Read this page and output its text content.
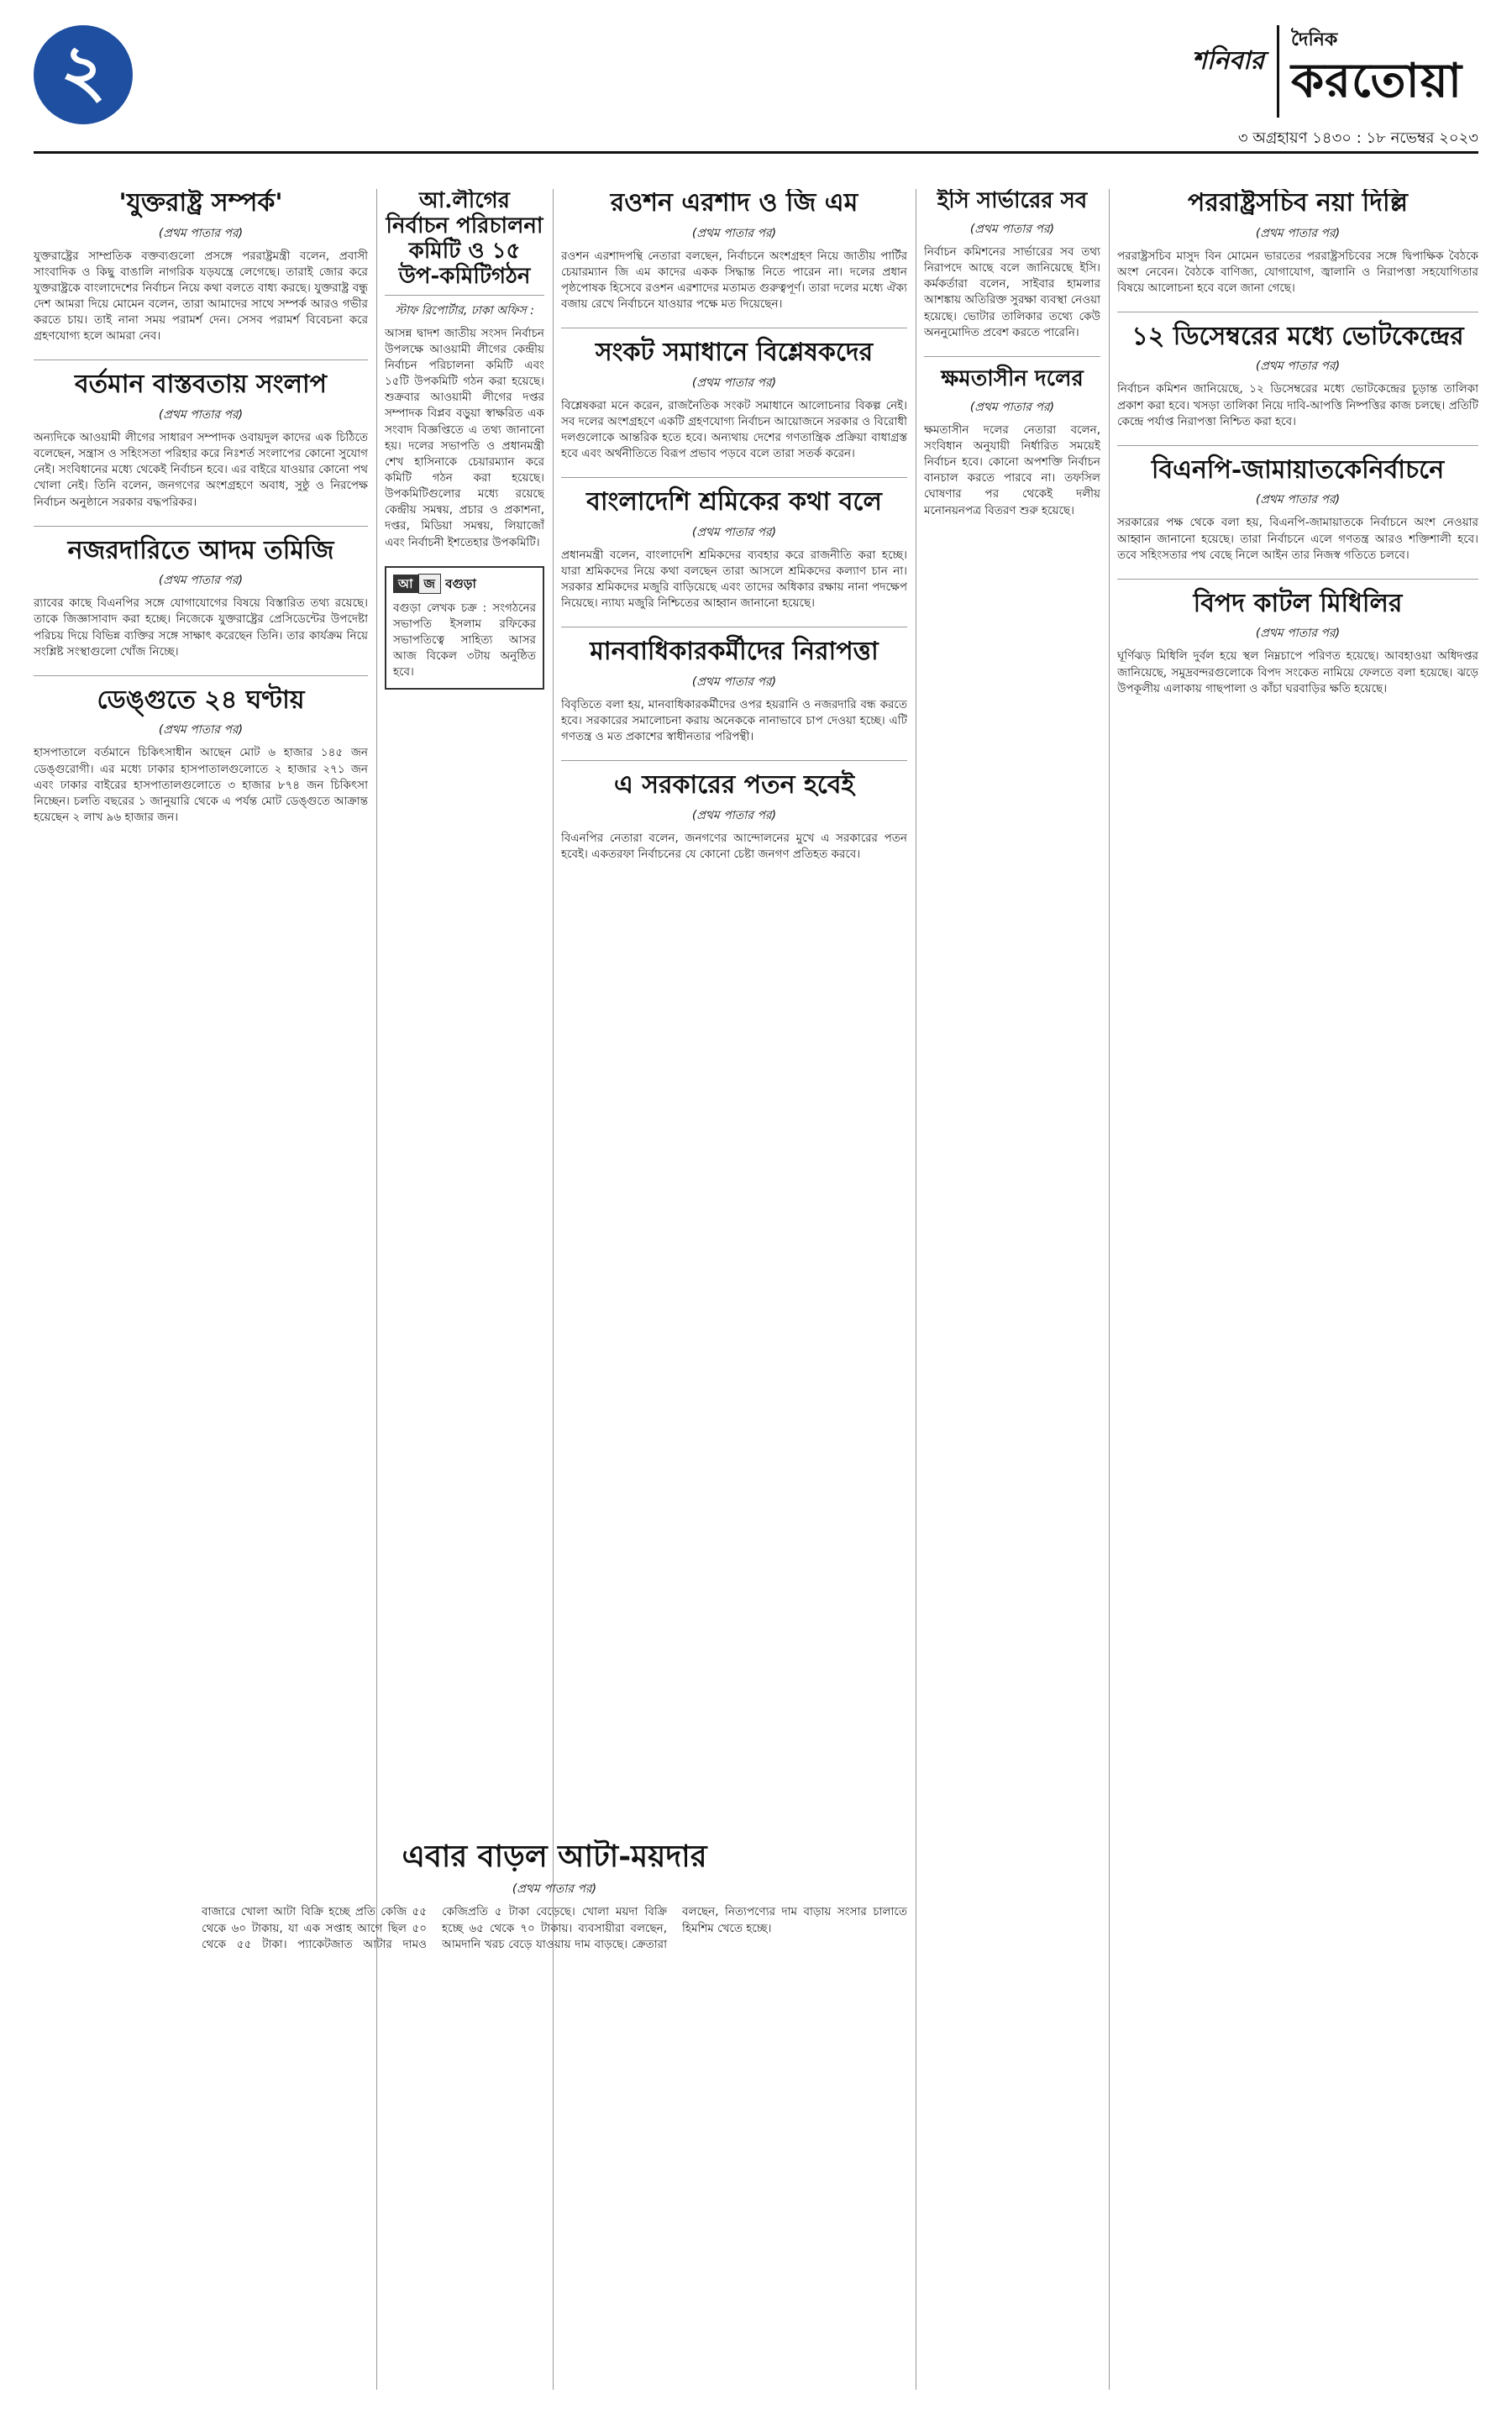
২	শনিবার
দৈনিক
করতোয়া
৩ অগ্রহায়ণ ১৪৩০ : ১৮ নভেম্বর ২০২৩
'যুক্তরাষ্ট্র সম্পর্ক'
(প্রথম পাতার পর)
যুক্তরাষ্ট্রের সাম্প্রতিক বক্তব্যগুলো প্রসঙ্গে পররাষ্ট্রমন্ত্রী বলেন, প্রবাসী সাংবাদিক ও কিছু বাঙালি নাগরিক যড়যন্ত্রে লেগেছে। তারাই জোর করে যুক্তরাষ্ট্রকে বাংলাদেশের নির্বাচন নিয়ে কথা বলতে বাধ্য করছে। যুক্তরাষ্ট্র বন্ধু দেশ আমরা দিয়ে মোমেন বলেন, তারা আমাদের সাথে সম্পর্ক আরও গভীর করতে চায়। তাই নানা সময় পরামর্শ দেন। সেসব পরামর্শ বিবেচনা করে গ্রহণযোগ্য হলে আমরা নেব।
বর্তমান বাস্তবতায় সংলাপ
(প্রথম পাতার পর)
অন্যদিকে আওয়ামী লীগের সাধারণ সম্পাদক ওবায়দুল কাদের এক চিঠিতে বলেছেন, সন্ত্রাস ও সহিংসতা পরিহার করে নিঃশর্ত সংলাপের কোনো সুযোগ নেই। সংবিধানের মধ্যে থেকেই নির্বাচন হবে। এর বাইরে যাওয়ার কোনো পথ খোলা নেই। তিনি বলেন, জনগণের অংশগ্রহণে অবাধ, সুষ্ঠু ও নিরপেক্ষ নির্বাচন অনুষ্ঠানে সরকার বদ্ধপরিকর।
নজরদারিতে আদম তমিজি
(প্রথম পাতার পর)
র‌্যাবের কাছে বিএনপির সঙ্গে যোগাযোগের বিষয়ে বিস্তারিত তথ্য রয়েছে। তাকে জিজ্ঞাসাবাদ করা হচ্ছে। নিজেকে যুক্তরাষ্ট্রের প্রেসিডেন্টের উপদেষ্টা পরিচয় দিয়ে বিভিন্ন ব্যক্তির সঙ্গে সাক্ষাৎ করেছেন তিনি। তার কার্যক্রম নিয়ে সংশ্লিষ্ট সংস্থাগুলো খোঁজ নিচ্ছে।
ডেঙ্গুতে ২৪ ঘণ্টায়
(প্রথম পাতার পর)
হাসপাতালে বর্তমানে চিকিৎসাধীন আছেন মোট ৬ হাজার ১৪৫ জন ডেঙ্গুরোগী। এর মধ্যে ঢাকার হাসপাতালগুলোতে ২ হাজার ২৭১ জন এবং ঢাকার বাইরের হাসপাতালগুলোতে ৩ হাজার ৮৭৪ জন চিকিৎসা নিচ্ছেন। চলতি বছরের ১ জানুয়ারি থেকে এ পর্যন্ত মোট ডেঙ্গুতে আক্রান্ত হয়েছেন ২ লাখ ৯৬ হাজার জন।
আ.লীগের নির্বাচন পরিচালনা কমিটি ও ১৫ উপ-কমিটিগঠন
স্টাফ রিপোর্টার, ঢাকা অফিস :
আসন্ন দ্বাদশ জাতীয় সংসদ নির্বাচন উপলক্ষে আওয়ামী লীগের কেন্দ্রীয় নির্বাচন পরিচালনা কমিটি এবং ১৫টি উপকমিটি গঠন করা হয়েছে। শুক্রবার আওয়ামী লীগের দপ্তর সম্পাদক বিপ্লব বড়ুয়া স্বাক্ষরিত এক সংবাদ বিজ্ঞপ্তিতে এ তথ্য জানানো হয়। দলের সভাপতি ও প্রধানমন্ত্রী শেখ হাসিনাকে চেয়ারম্যান করে কমিটি গঠন করা হয়েছে। উপকমিটিগুলোর মধ্যে রয়েছে কেন্দ্রীয় সমন্বয়, প্রচার ও প্রকাশনা, দপ্তর, মিডিয়া সমন্বয়, লিয়াজোঁ এবং নির্বাচনী ইশতেহার উপকমিটি।
আ জ বগুড়া
বগুড়া লেখক চক্র : সংগঠনের সভাপতি ইসলাম রফিকের সভাপতিত্বে সাহিত্য আসর আজ বিকেল ৩টায় অনুষ্ঠিত হবে।
এবার বাড়ল আটা-ময়দার
(প্রথম পাতার পর)
বাজারে খোলা আটা বিক্রি হচ্ছে প্রতি কেজি ৫৫ থেকে ৬০ টাকায়, যা এক সপ্তাহ আগে ছিল ৫০ থেকে ৫৫ টাকা। প্যাকেটজাত আটার দামও কেজিপ্রতি ৫ টাকা বেড়েছে। খোলা ময়দা বিক্রি হচ্ছে ৬৫ থেকে ৭০ টাকায়। ব্যবসায়ীরা বলছেন, আমদানি খরচ বেড়ে যাওয়ায় দাম বাড়ছে। ক্রেতারা বলছেন, নিত্যপণ্যের দাম বাড়ায় সংসার চালাতে হিমশিম খেতে হচ্ছে।
রওশন এরশাদ ও জি এম
(প্রথম পাতার পর)
রওশন এরশাদপন্থি নেতারা বলছেন, নির্বাচনে অংশগ্রহণ নিয়ে জাতীয় পার্টির চেয়ারম্যান জি এম কাদের একক সিদ্ধান্ত নিতে পারেন না। দলের প্রধান পৃষ্ঠপোষক হিসেবে রওশন এরশাদের মতামত গুরুত্বপূর্ণ। তারা দলের মধ্যে ঐক্য বজায় রেখে নির্বাচনে যাওয়ার পক্ষে মত দিয়েছেন।
সংকট সমাধানে বিশ্লেষকদের
(প্রথম পাতার পর)
বিশ্লেষকরা মনে করেন, রাজনৈতিক সংকট সমাধানে আলোচনার বিকল্প নেই। সব দলের অংশগ্রহণে একটি গ্রহণযোগ্য নির্বাচন আয়োজনে সরকার ও বিরোধী দলগুলোকে আন্তরিক হতে হবে। অন্যথায় দেশের গণতান্ত্রিক প্রক্রিয়া বাধাগ্রস্ত হবে এবং অর্থনীতিতে বিরূপ প্রভাব পড়বে বলে তারা সতর্ক করেন।
বাংলাদেশি শ্রমিকের কথা বলে
(প্রথম পাতার পর)
প্রধানমন্ত্রী বলেন, বাংলাদেশি শ্রমিকদের ব্যবহার করে রাজনীতি করা হচ্ছে। যারা শ্রমিকদের নিয়ে কথা বলছেন তারা আসলে শ্রমিকদের কল্যাণ চান না। সরকার শ্রমিকদের মজুরি বাড়িয়েছে এবং তাদের অধিকার রক্ষায় নানা পদক্ষেপ নিয়েছে। ন্যায্য মজুরি নিশ্চিতের আহ্বান জানানো হয়েছে।
মানবাধিকারকর্মীদের নিরাপত্তা
(প্রথম পাতার পর)
বিবৃতিতে বলা হয়, মানবাধিকারকর্মীদের ওপর হয়রানি ও নজরদারি বন্ধ করতে হবে। সরকারের সমালোচনা করায় অনেককে নানাভাবে চাপ দেওয়া হচ্ছে। এটি গণতন্ত্র ও মত প্রকাশের স্বাধীনতার পরিপন্থী।
এ সরকারের পতন হবেই
(প্রথম পাতার পর)
বিএনপির নেতারা বলেন, জনগণের আন্দোলনের মুখে এ সরকারের পতন হবেই। একতরফা নির্বাচনের যে কোনো চেষ্টা জনগণ প্রতিহত করবে।
ইসি সার্ভারের সব
(প্রথম পাতার পর)
নির্বাচন কমিশনের সার্ভারের সব তথ্য নিরাপদে আছে বলে জানিয়েছে ইসি। কর্মকর্তারা বলেন, সাইবার হামলার আশঙ্কায় অতিরিক্ত সুরক্ষা ব্যবস্থা নেওয়া হয়েছে। ভোটার তালিকার তথ্যে কেউ অননুমোদিত প্রবেশ করতে পারেনি।
ক্ষমতাসীন দলের
(প্রথম পাতার পর)
ক্ষমতাসীন দলের নেতারা বলেন, সংবিধান অনুযায়ী নির্ধারিত সময়েই নির্বাচন হবে। কোনো অপশক্তি নির্বাচন বানচাল করতে পারবে না। তফসিল ঘোষণার পর থেকেই দলীয় মনোনয়নপত্র বিতরণ শুরু হয়েছে।
পররাষ্ট্রসচিব নয়া দিল্লি
(প্রথম পাতার পর)
পররাষ্ট্রসচিব মাসুদ বিন মোমেন ভারতের পররাষ্ট্রসচিবের সঙ্গে দ্বিপাক্ষিক বৈঠকে অংশ নেবেন। বৈঠকে বাণিজ্য, যোগাযোগ, জ্বালানি ও নিরাপত্তা সহযোগিতার বিষয়ে আলোচনা হবে বলে জানা গেছে।
১২ ডিসেম্বরের মধ্যে ভোটকেন্দ্রের
(প্রথম পাতার পর)
নির্বাচন কমিশন জানিয়েছে, ১২ ডিসেম্বরের মধ্যে ভোটকেন্দ্রের চূড়ান্ত তালিকা প্রকাশ করা হবে। খসড়া তালিকা নিয়ে দাবি-আপত্তি নিষ্পত্তির কাজ চলছে। প্রতিটি কেন্দ্রে পর্যাপ্ত নিরাপত্তা নিশ্চিত করা হবে।
বিএনপি-জামায়াতকেনির্বাচনে
(প্রথম পাতার পর)
সরকারের পক্ষ থেকে বলা হয়, বিএনপি-জামায়াতকে নির্বাচনে অংশ নেওয়ার আহ্বান জানানো হয়েছে। তারা নির্বাচনে এলে গণতন্ত্র আরও শক্তিশালী হবে। তবে সহিংসতার পথ বেছে নিলে আইন তার নিজস্ব গতিতে চলবে।
বিপদ কাটল মিধিলির
(প্রথম পাতার পর)
ঘূর্ণিঝড় মিধিলি দুর্বল হয়ে স্থল নিম্নচাপে পরিণত হয়েছে। আবহাওয়া অধিদপ্তর জানিয়েছে, সমুদ্রবন্দরগুলোকে বিপদ সংকেত নামিয়ে ফেলতে বলা হয়েছে। ঝড়ে উপকূলীয় এলাকায় গাছপালা ও কাঁচা ঘরবাড়ির ক্ষতি হয়েছে।
